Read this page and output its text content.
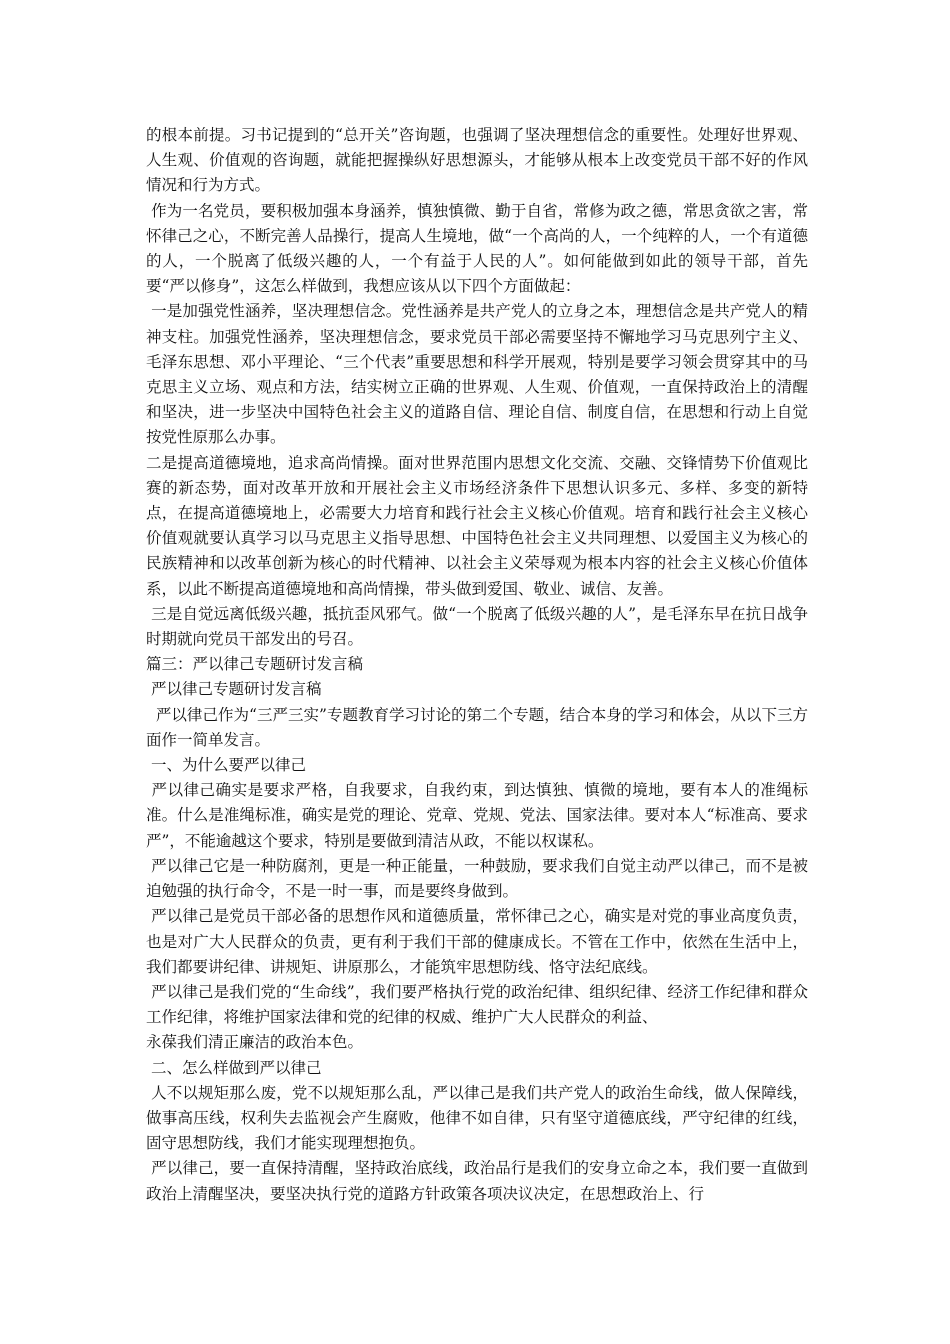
的根本前提。习书记提到的“总开关”咨询题，也强调了坚决理想信念的重要性。处理好世界观、人生观、价值观的咨询题，就能把握操纵好思想源头，才能够从根本上改变党员干部不好的作风情况和行为方式。

作为一名党员，要积极加强本身涵养，慎独慎微、勤于自省，常修为政之德，常思贪欲之害，常怀律己之心，不断完善人品操行，提高人生境地，做“一个高尚的人，一个纯粹的人，一个有道德的人，一个脱离了低级兴趣的人，一个有益于人民的人”。如何能做到如此的领导干部，首先要“严以修身”，这怎么样做到，我想应该从以下四个方面做起：

一是加强党性涵养，坚决理想信念。党性涵养是共产党人的立身之本，理想信念是共产党人的精神支柱。加强党性涵养，坚决理想信念，要求党员干部必需要坚持不懈地学习马克思列宁主义、毛泽东思想、邓小平理论、“三个代表”重要思想和科学开展观，特别是要学习领会贯穿其中的马克思主义立场、观点和方法，结实树立正确的世界观、人生观、价值观，一直保持政治上的清醒和坚决，进一步坚决中国特色社会主义的道路自信、理论自信、制度自信，在思想和行动上自觉按党性原那么办事。

二是提高道德境地，追求高尚情操。面对世界范围内思想文化交流、交融、交锋情势下价值观比赛的新态势，面对改革开放和开展社会主义市场经济条件下思想认识多元、多样、多变的新特点，在提高道德境地上，必需要大力培育和践行社会主义核心价值观。培育和践行社会主义核心价值观就要认真学习以马克思主义指导思想、中国特色社会主义共同理想、以爱国主义为核心的民族精神和以改革创新为核心的时代精神、以社会主义荣辱观为根本内容的社会主义核心价值体系，以此不断提高道德境地和高尚情操，带头做到爱国、敬业、诚信、友善。

三是自觉远离低级兴趣，抵抗歪风邪气。做“一个脱离了低级兴趣的人”，是毛泽东早在抗日战争时期就向党员干部发出的号召。

篇三：严以律己专题研讨发言稿

严以律己专题研讨发言稿

严以律己作为“三严三实”专题教育学习讨论的第二个专题，结合本身的学习和体会，从以下三方面作一简单发言。

一、为什么要严以律己

严以律己确实是要求严格，自我要求，自我约束，到达慎独、慎微的境地，要有本人的准绳标准。什么是准绳标准，确实是党的理论、党章、党规、党法、国家法律。要对本人“标准高、要求严”，不能逾越这个要求，特别是要做到清洁从政，不能以权谋私。

严以律己它是一种防腐剂，更是一种正能量，一种鼓励，要求我们自觉主动严以律己，而不是被迫勉强的执行命令，不是一时一事，而是要终身做到。

严以律己是党员干部必备的思想作风和道德质量，常怀律己之心，确实是对党的事业高度负责，也是对广大人民群众的负责，更有利于我们干部的健康成长。不管在工作中，依然在生活中上，我们都要讲纪律、讲规矩、讲原那么，才能筑牢思想防线、恪守法纪底线。

严以律己是我们党的“生命线”，我们要严格执行党的政治纪律、组织纪律、经济工作纪律和群众工作纪律，将维护国家法律和党的纪律的权威、维护广大人民群众的利益、
永葆我们清正廉洁的政治本色。

二、怎么样做到严以律己

人不以规矩那么废，党不以规矩那么乱，严以律己是我们共产党人的政治生命线，做人保障线，做事高压线，权利失去监视会产生腐败，他律不如自律，只有坚守道德底线，严守纪律的红线，固守思想防线，我们才能实现理想抱负。

严以律己，要一直保持清醒，坚持政治底线，政治品行是我们的安身立命之本，我们要一直做到政治上清醒坚决，要坚决执行党的道路方针政策各项决议决定，在思想政治上、行
